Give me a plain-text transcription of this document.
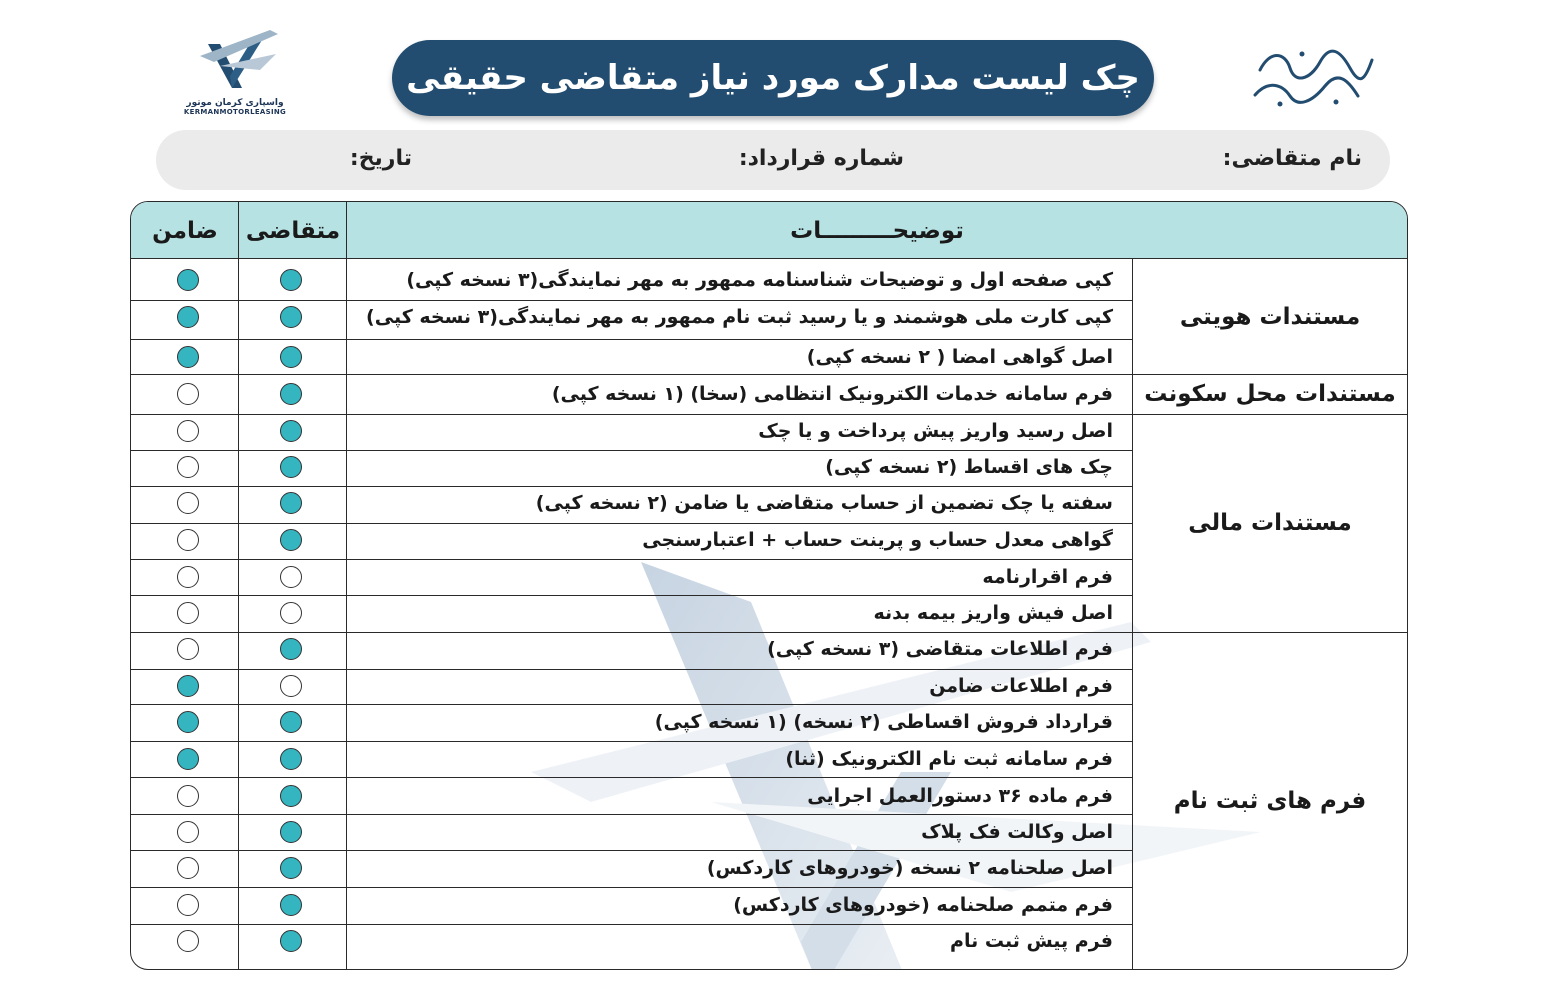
واسپاری کرمان موتور
KERMANMOTORLEASING
چک لیست مدارک مورد نیاز متقاضی حقیقی
نام متقاضی:
شماره قرارداد:
تاریخ:
توضیحـــــــــات
متقاضی
ضامن
کپی صفحه اول و توضیحات شناسنامه ممهور به مهر نمایندگی(۳ نسخه کپی)
کپی کارت ملی هوشمند و یا رسید ثبت نام ممهور به مهر نمایندگی(۳ نسخه کپی)
اصل گواهی امضا ( ۲ نسخه کپی)
فرم سامانه خدمات الکترونیک انتظامی (سخا) (۱ نسخه کپی)
اصل رسید واریز پیش پرداخت و یا چک
چک های اقساط (۲ نسخه کپی)
سفته یا چک تضمین از حساب متقاضی یا ضامن (۲ نسخه کپی)
گواهی معدل حساب و پرینت حساب + اعتبارسنجی
فرم اقرارنامه
اصل فیش واریز بیمه بدنه
فرم اطلاعات متقاضی (۳ نسخه کپی)
فرم اطلاعات ضامن
قرارداد فروش اقساطی (۲ نسخه) (۱ نسخه کپی)
فرم سامانه ثبت نام الکترونیک (ثنا)
فرم ماده ۳۶ دستورالعمل اجرایی
اصل وکالت فک پلاک
اصل صلحنامه ۲ نسخه (خودروهای کاردکس)
فرم متمم صلحنامه (خودروهای کاردکس)
فرم پیش ثبت نام
مستندات هویتی
مستندات محل سکونت
مستندات مالی
فرم های ثبت نام
